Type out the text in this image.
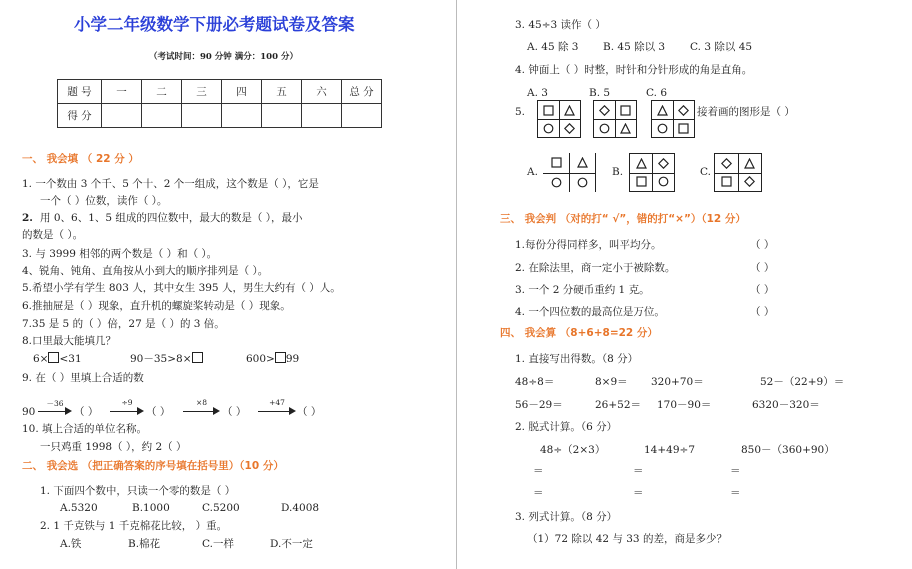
小学二年级数学下册必考题试卷及答案
（考试时间：90 分钟 满分：100 分）
题 号	一	二	三	四	五	六	总 分
得 分							
一、 我会填 （ 22 分 ）
1. 一个数由 3 个千、5 个十、2 个一组成，这个数是（ ），它是
一个（ ）位数，读作（ ）。
2. 用 0、6、1、5 组成的四位数中，最大的数是（ ），最小
的数是（ ）。
3. 与 3999 相邻的两个数是（ ）和（ ）。
4、锐角、钝角、直角按从小到大的顺序排列是（ ）。
5.希望小学有学生 803 人，其中女生 395 人，男生大约有（ ）人。
6.推抽屉是（ ）现象，直升机的螺旋桨转动是（ ）现象。
7.35 是 5 的（ ）倍，27 是（ ）的 3 倍。
8.口里最大能填几？
6× <31	90－35>8×	600> 99
9. 在（ ）里填上合适的数
90
－36
（ ）
÷9
（ ）
×8
（ ）
+47
（ ）
10. 填上合适的单位名称。
一只鸡重 1998（ ），约 2（ ）
二、 我会选 （把正确答案的序号填在括号里）（10 分）
1. 下面四个数中，只读一个零的数是（ ）
A.5320	B.1000	C.5200	D.4008
2. 1 千克铁与 1 千克棉花比较， ）重。
A.铁	B.棉花	C.一样	D.不一定
3. 45÷3 读作（ ）
A. 45 除 3 B. 45 除以 3 C. 3 除以 45
4. 钟面上（ ）时整，时针和分针形成的角是直角。
A. 3	B. 5	C. 6
5.	接着画的图形是（ ）
A.	B.	C.
三、 我会判 （对的打“ √”，错的打“×”）（12 分）
1.每份分得同样多，叫平均分。	（ ）
2. 在除法里，商一定小于被除数。	（ ）
3. 一个 2 分硬币重约 1 克。	（ ）
4. 一个四位数的最高位是万位。	（ ）
四、 我会算 （8+6+8=22 分）
1. 直接写出得数。（8 分）
48÷8＝	8×9＝ 320+70＝	52－（22+9）＝
56－29＝	26+52＝ 170－90＝	6320－320＝
2. 脱式计算。（6 分）
48÷（2×3）	14+49÷7	850－（360+90）
＝	＝	＝
＝	＝	＝
3. 列式计算。（8 分）
（1）72 除以 42 与 33 的差，商是多少？
